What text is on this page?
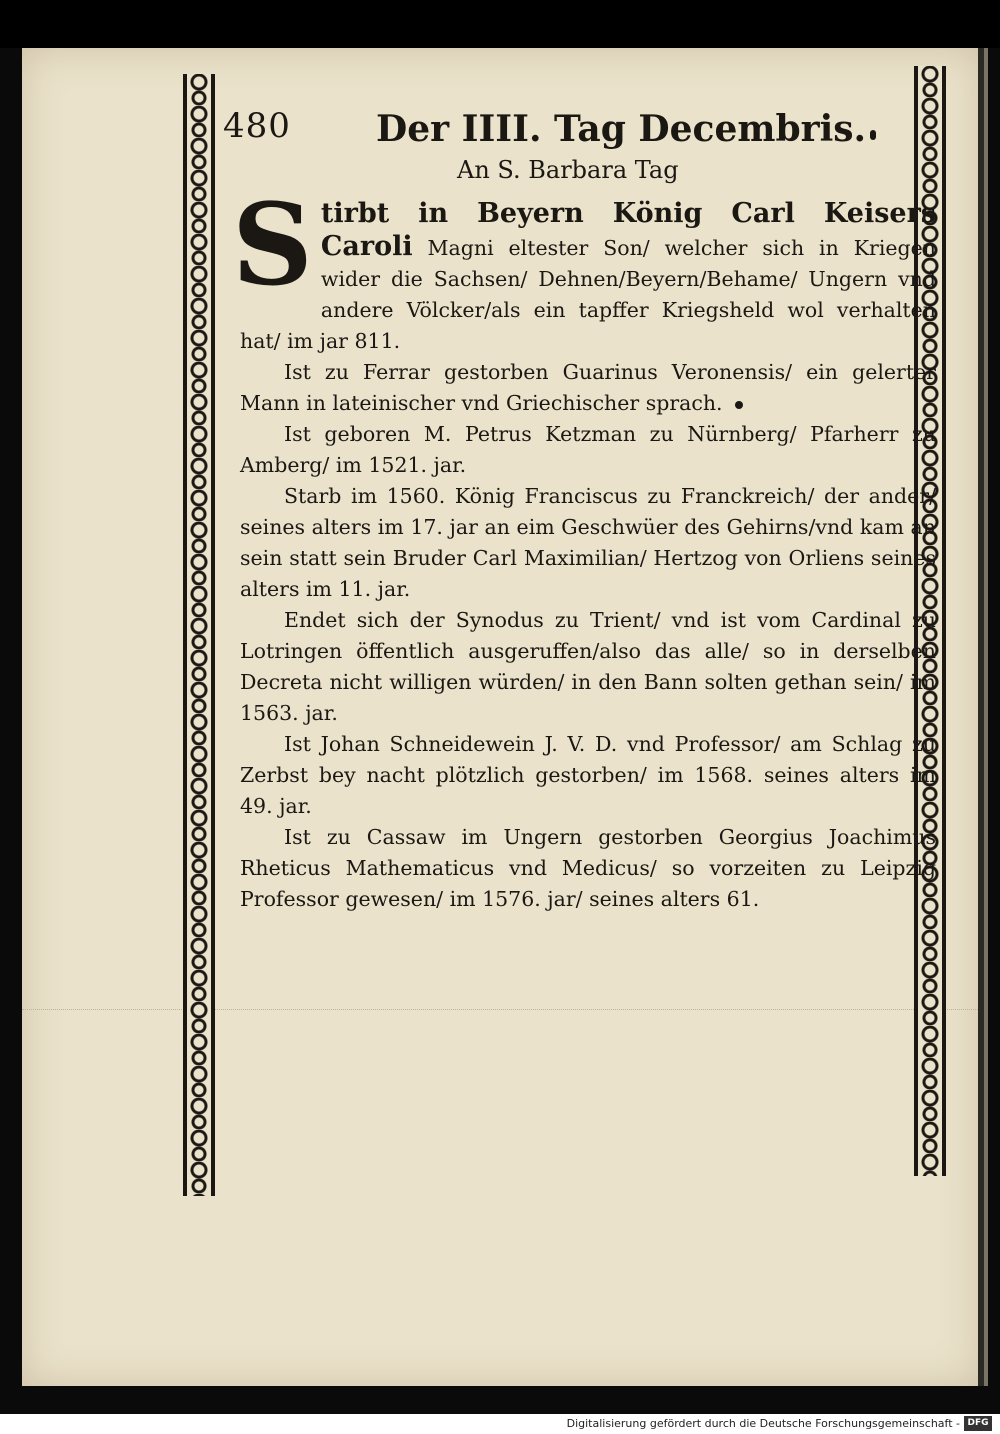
480 Der IIII. Tag Decembris.
An S. Barbara Tag

S tirbt in Beyern König Carl Keisers Caroli Magni eltester Son/ welcher sich in Kriegen wider die Sachsen/ Dehnen/Beyern/Behame/ Ungern vnd andere Völcker/als ein tapffer Kriegsheld wol verhalten hat/ im jar 811.

Ist zu Ferrar gestorben Guarinus Veronensis/ ein gelerter Mann in lateinischer vnd Griechischer sprach.

Ist geboren M. Petrus Ketzman zu Nürnberg/ Pfarherr zu Amberg/ im 1521. jar.

Starb im 1560. König Franciscus zu Franckreich/ der ander/ seines alters im 17. jar an eim Geschwüer des Gehirns/vnd kam an sein statt sein Bruder Carl Maximilian/ Hertzog von Orliens seines alters im 11. jar.

Endet sich der Synodus zu Trient/ vnd ist vom Cardinal zu Lotringen öffentlich ausgeruffen/also das alle/ so in derselben Decreta nicht willigen würden/ in den Bann solten gethan sein/ im 1563. jar.

Ist Johan Schneidewein J. V. D. vnd Professor/ am Schlag zu Zerbst bey nacht plötzlich gestorben/ im 1568. seines alters im 49. jar.

Ist zu Cassaw im Ungern gestorben Georgius Joachimus Rheticus Mathematicus vnd Medicus/ so vorzeiten zu Leipzig Professor gewesen/ im 1576. jar/ seines alters 61.

Digitalisierung gefördert durch die Deutsche Forschungsgemeinschaft - DFG
